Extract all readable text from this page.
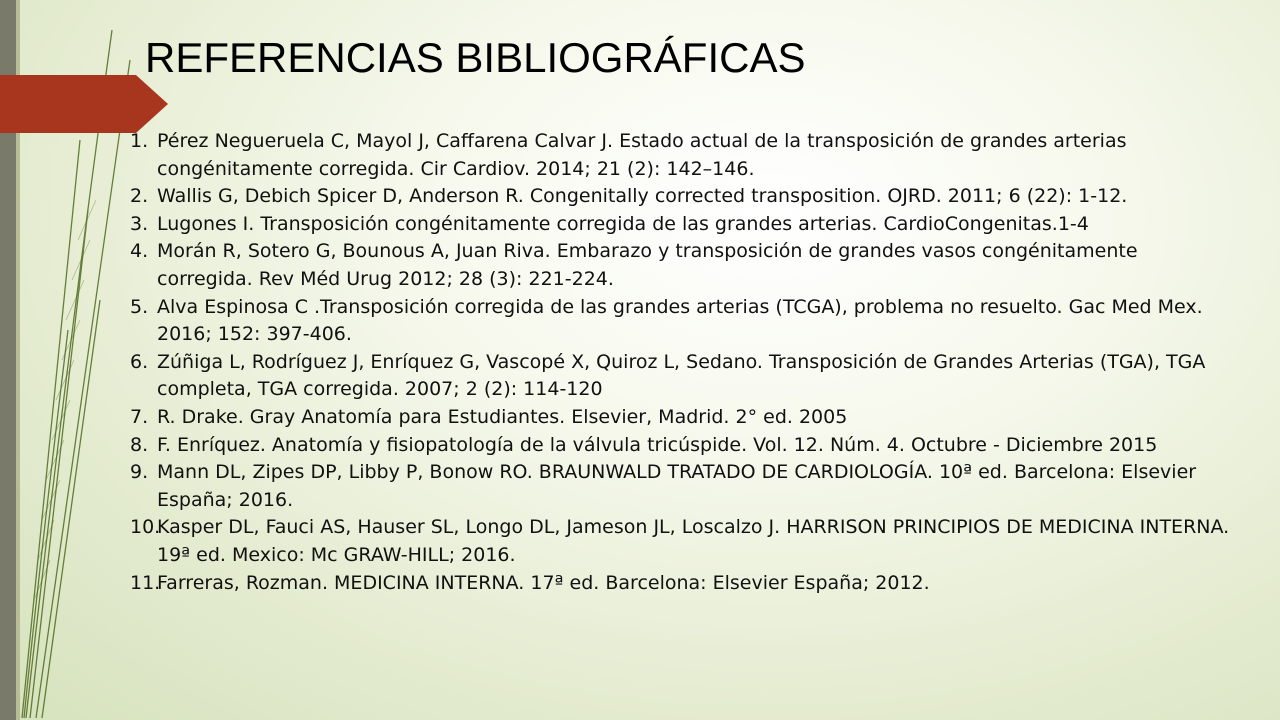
REFERENCIAS BIBLIOGRÁFICAS
1. Pérez Negueruela C, Mayol J, Caffarena Calvar J. Estado actual de la transposición de grandes arterias congénitamente corregida. Cir Cardiov. 2014; 21 (2): 142–146.
2. Wallis G, Debich Spicer D, Anderson R. Congenitally corrected transposition. OJRD. 2011; 6 (22): 1-12.
3. Lugones I. Transposición congénitamente corregida de las grandes arterias. CardioCongenitas.1-4
4. Morán R, Sotero G, Bounous A, Juan Riva. Embarazo y transposición de grandes vasos congénitamente corregida. Rev Méd Urug 2012; 28 (3): 221-224.
5. Alva Espinosa C .Transposición corregida de las grandes arterias (TCGA), problema no resuelto. Gac Med Mex. 2016; 152: 397-406.
6. Zúñiga L, Rodríguez J, Enríquez G, Vascopé X, Quiroz L, Sedano. Transposición de Grandes Arterias (TGA), TGA completa, TGA corregida. 2007; 2 (2): 114-120
7. R. Drake. Gray Anatomía para Estudiantes. Elsevier, Madrid. 2° ed. 2005
8. F. Enríquez. Anatomía y fisiopatología de la válvula tricúspide. Vol. 12. Núm. 4. Octubre - Diciembre 2015
9. Mann DL, Zipes DP, Libby P, Bonow RO. BRAUNWALD TRATADO DE CARDIOLOGÍA. 10ª ed. Barcelona: Elsevier España; 2016.
10.
Kasper DL, Fauci AS, Hauser SL, Longo DL, Jameson JL, Loscalzo J. HARRISON PRINCIPIOS DE MEDICINA INTERNA. 19ª ed. Mexico: Mc GRAW-HILL; 2016.
11.
Farreras, Rozman. MEDICINA INTERNA. 17ª ed. Barcelona: Elsevier España; 2012.
